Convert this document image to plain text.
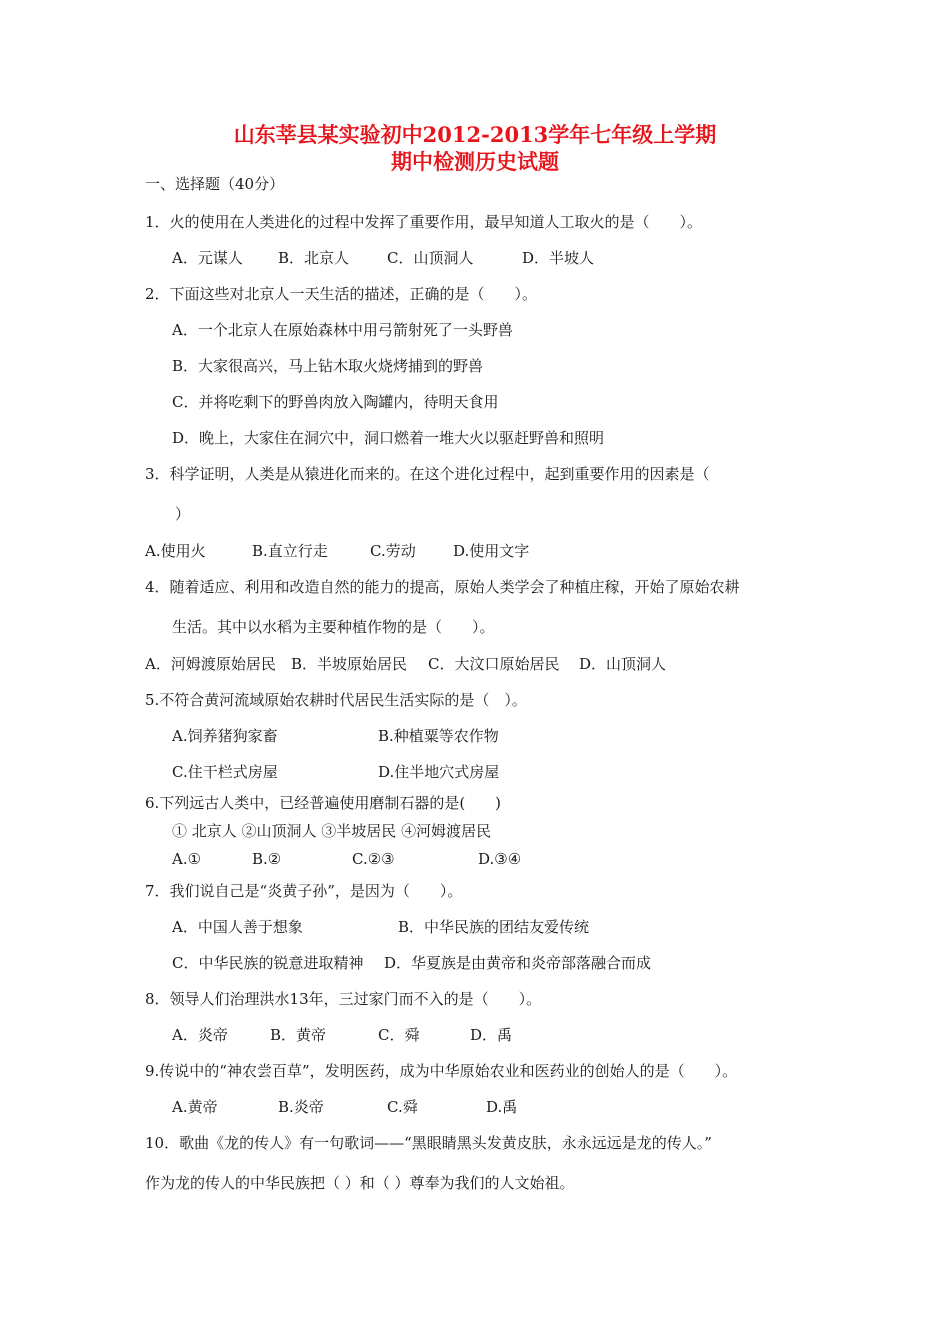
山东莘县某实验初中2012-2013学年七年级上学期
期中检测历史试题

一、选择题（40分）

1．火的使用在人类进化的过程中发挥了重要作用，最早知道人工取火的是（　　）。

A．元谋人 B．北京人	C．山顶洞人	D．半坡人

2．下面这些对北京人一天生活的描述，正确的是（　　）。

A．一个北京人在原始森林中用弓箭射死了一头野兽
B．大家很高兴，马上钻木取火烧烤捕到的野兽
C．并将吃剩下的野兽肉放入陶罐内，待明天食用
D．晚上，大家住在洞穴中，洞口燃着一堆大火以驱赶野兽和照明

3．科学证明，人类是从猿进化而来的。在这个进化过程中，起到重要作用的因素是（

）

A.使用火	B.直立行走	C.劳动 D.使用文字

4．随着适应、利用和改造自然的能力的提高，原始人类学会了种植庄稼，开始了原始农耕

生活。其中以水稻为主要种植作物的是（　　）。

A．河姆渡原始居民 B．半坡原始居民 C．大汶口原始居民 D．山顶洞人

5.不符合黄河流域原始农耕时代居民生活实际的是（　）。

A.饲养猪狗家畜	B.种植粟等农作物
C.住干栏式房屋	D.住半地穴式房屋

6.下列远古人类中，已经普遍使用磨制石器的是(　　)

① 北京人 ②山顶洞人 ③半坡居民 ④河姆渡居民

A.①	B.②	C.②③	D.③④

7．我们说自己是“炎黄子孙”，是因为（　　）。

A．中国人善于想象	B．中华民族的团结友爱传统
C．中华民族的锐意进取精神 D．华夏族是由黄帝和炎帝部落融合而成

8．领导人们治理洪水13年，三过家门而不入的是（　　）。

A．炎帝	B．黄帝	C．舜	D．禹

9.传说中的“神农尝百草”，发明医药，成为中华原始农业和医药业的创始人的是（　　）。

A.黄帝	B.炎帝	C.舜	D.禹

10．歌曲《龙的传人》有一句歌词——“黑眼睛黑头发黄皮肤，永永远远是龙的传人。”

作为龙的传人的中华民族把（ ）和（ ）尊奉为我们的人文始祖。
